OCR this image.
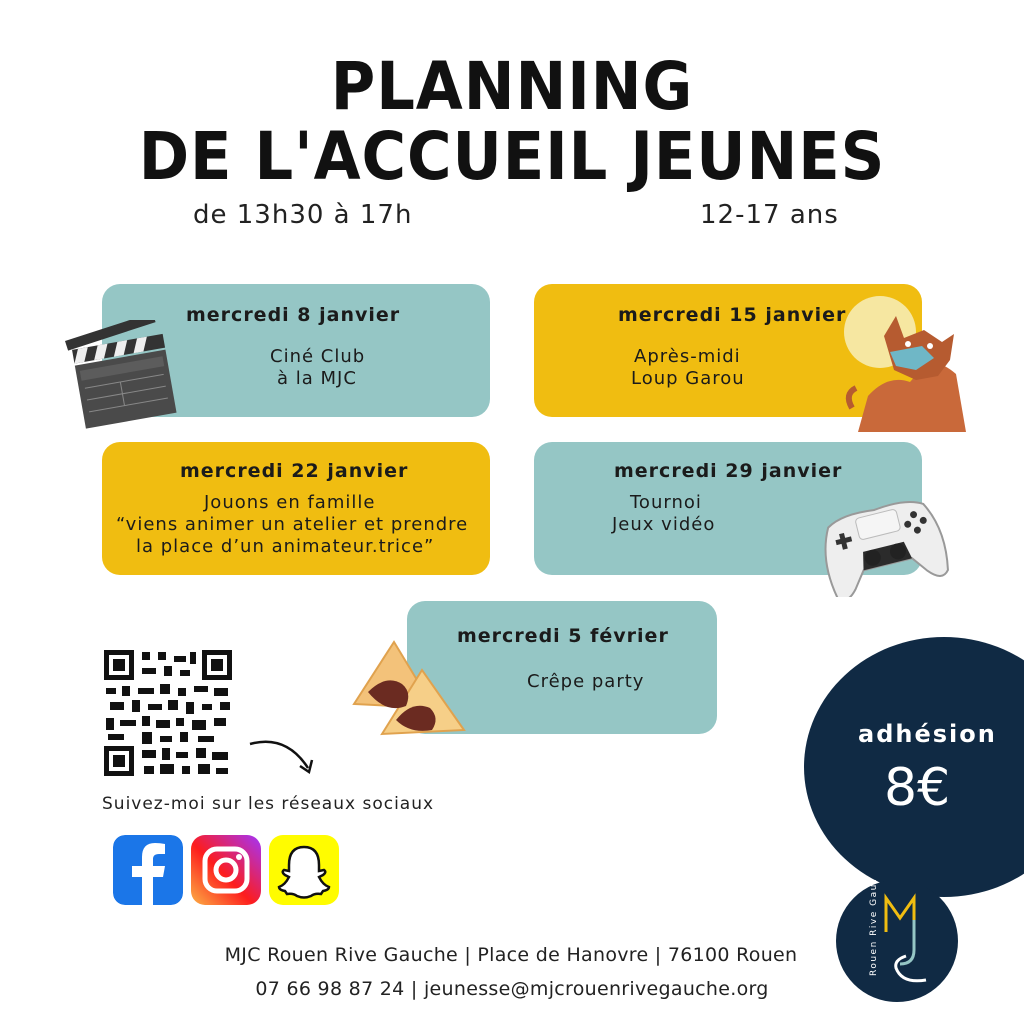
PLANNING
DE L'ACCUEIL JEUNES
de 13h30 à 17h	12-17 ans
mercredi 8 janvier
Ciné Club
à la MJC
mercredi 15 janvier
Après-midi
Loup Garou
mercredi 22 janvier
Jouons en famille
“viens animer un atelier et prendre
la place d’un animateur.trice”
mercredi 29 janvier
Tournoi
Jeux vidéo
mercredi 5 février
Crêpe party
Suivez-moi sur les réseaux sociaux
adhésion
8€
Rouen Rive Gauche
MJC Rouen Rive Gauche | Place de Hanovre | 76100 Rouen
07 66 98 87 24 | jeunesse@mjcrouenrivegauche.org
